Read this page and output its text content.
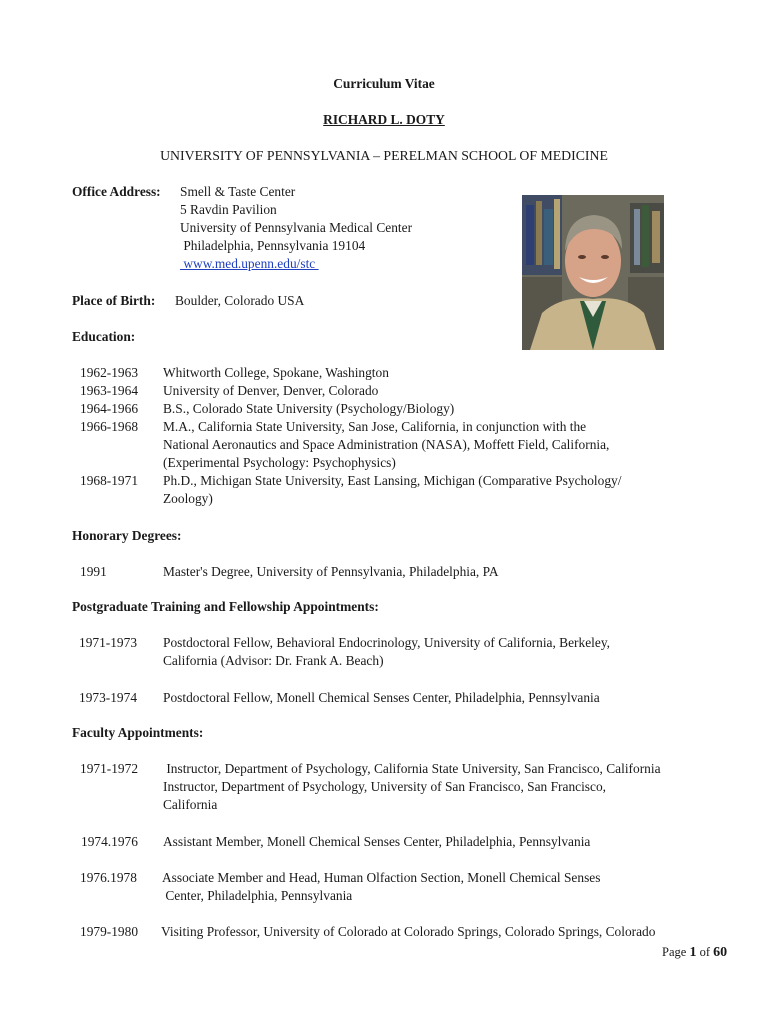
Curriculum Vitae
RICHARD L. DOTY
UNIVERSITY OF PENNSYLVANIA – PERELMAN SCHOOL OF MEDICINE
Office Address: Smell & Taste Center
5 Ravdin Pavilion
University of Pennsylvania Medical Center
Philadelphia, Pennsylvania 19104
www.med.upenn.edu/stc
Place of Birth: Boulder, Colorado USA
Education:
1962-1963 Whitworth College, Spokane, Washington
1963-1964 University of Denver, Denver, Colorado
1964-1966 B.S., Colorado State University (Psychology/Biology)
1966-1968 M.A., California State University, San Jose, California, in conjunction with the
National Aeronautics and Space Administration (NASA), Moffett Field, California,
(Experimental Psychology: Psychophysics)
1968-1971 Ph.D., Michigan State University, East Lansing, Michigan (Comparative Psychology/
Zoology)
Honorary Degrees:
1991	Master's Degree, University of Pennsylvania, Philadelphia, PA
Postgraduate Training and Fellowship Appointments:
1971-1973 Postdoctoral Fellow, Behavioral Endocrinology, University of California, Berkeley,
California (Advisor: Dr. Frank A. Beach)
1973-1974 Postdoctoral Fellow, Monell Chemical Senses Center, Philadelphia, Pennsylvania
Faculty Appointments:
1971-1972 Instructor, Department of Psychology, California State University, San Francisco, California
Instructor, Department of Psychology, University of San Francisco, San Francisco,
California
1974.1976 Assistant Member, Monell Chemical Senses Center, Philadelphia, Pennsylvania
1976.1978 Associate Member and Head, Human Olfaction Section, Monell Chemical Senses
Center, Philadelphia, Pennsylvania
1979-1980 Visiting Professor, University of Colorado at Colorado Springs, Colorado Springs, Colorado
Page 1 of 60
